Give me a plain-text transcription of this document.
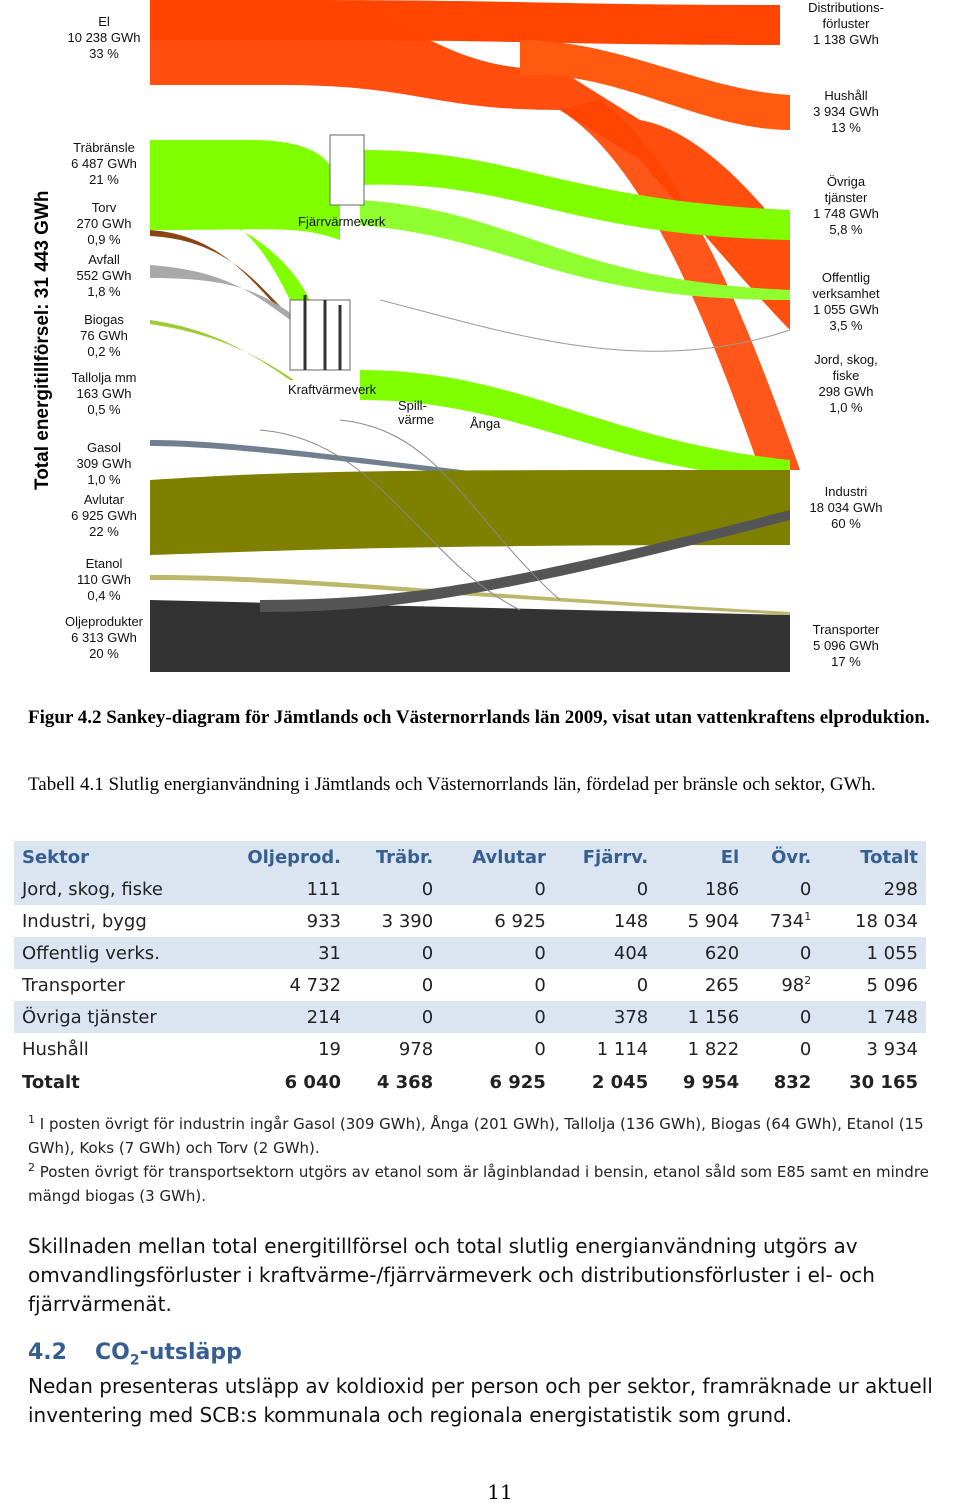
Fjärrvärmeverk
Kraftvärmeverk
Spill-värme	Ånga
Total energitillförsel: 31 443 GWh
El
10 238 GWh
33 %
Träbränsle
6 487 GWh
21 %
Torv
270 GWh
0,9 %
Avfall
552 GWh
1,8 %
Biogas
76 GWh
0,2 %
Tallolja mm
163 GWh
0,5 %
Gasol
309 GWh
1,0 %
Avlutar
6 925 GWh
22 %
Etanol
110 GWh
0,4 %
Oljeprodukter
6 313 GWh
20 %
Distributions-
förluster
1 138 GWh
Hushåll
3 934 GWh
13 %
Övriga
tjänster
1 748 GWh
5,8 %
Offentlig
verksamhet
1 055 GWh
3,5 %
Jord, skog,
fiske
298 GWh
1,0 %
Industri
18 034 GWh
60 %
Transporter
5 096 GWh
17 %
Figur 4.2 Sankey-diagram för Jämtlands och Västernorrlands län 2009, visat utan vattenkraftens elproduktion.
Tabell 4.1 Slutlig energianvändning i Jämtlands och Västernorrlands län, fördelad per bränsle och sektor, GWh.
Sektor	Oljeprod.	Träbr.	Avlutar	Fjärrv.	El	Övr.	Totalt
Jord, skog, fiske	111	0	0	0	186	0	298
Industri, bygg	933	3 390	6 925	148	5 904	$734^1$	18 034
Offentlig verks.	31	0	0	404	620	0	1 055
Transporter	4 732	0	0	0	265	$98^2$	5 096
Övriga tjänster	214	0	0	378	1 156	0	1 748
Hushåll	19	978	0	1 114	1 822	0	3 934
Totalt	6 040	4 368	6 925	2 045	9 954	832	30 165
$^1$ I posten övrigt för industrin ingår Gasol (309 GWh), Ånga (201 GWh), Tallolja (136 GWh), Biogas (64 GWh), Etanol (15 GWh), Koks (7 GWh) och Torv (2 GWh).
$^2$ Posten övrigt för transportsektorn utgörs av etanol som är låginblandad i bensin, etanol såld som E85 samt en mindre mängd biogas (3 GWh).
Skillnaden mellan total energitillförsel och total slutlig energianvändning utgörs av omvandlingsförluster i kraftvärme-/fjärrvärmeverk och distributionsförluster i el- och fjärrvärmenät.
4.2 $CO_2$-utsläpp
Nedan presenteras utsläpp av koldioxid per person och per sektor, framräknade ur aktuell inventering med SCB:s kommunala och regionala energistatistik som grund.
11
